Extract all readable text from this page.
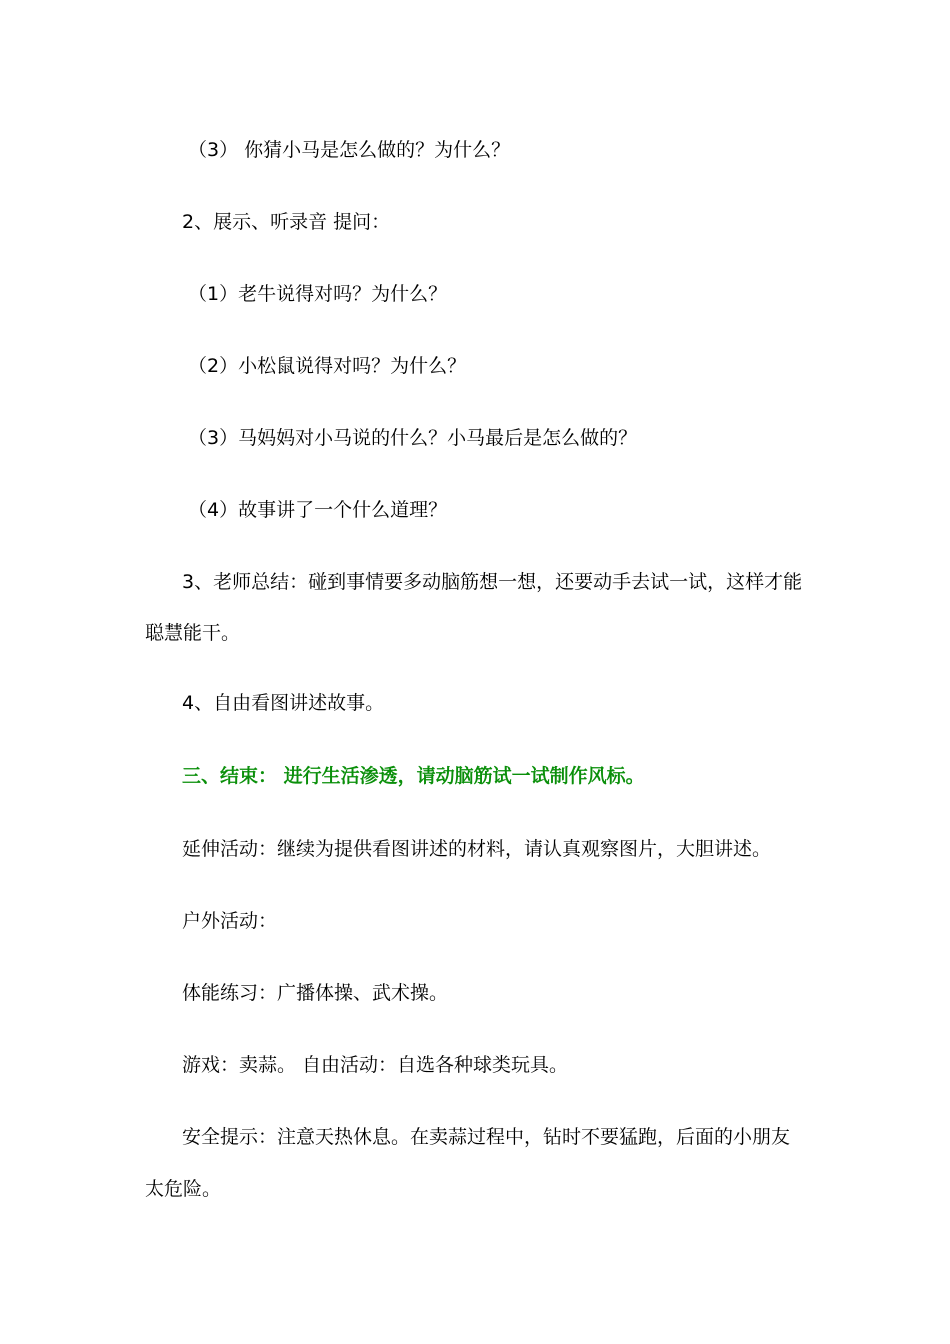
（3） 你猜小马是怎么做的？为什么？
2、展示、听录音 提问：
（1）老牛说得对吗？为什么？
（2）小松鼠说得对吗？为什么？
（3）马妈妈对小马说的什么？小马最后是怎么做的？
（4）故事讲了一个什么道理？
3、老师总结：碰到事情要多动脑筋想一想，还要动手去试一试，这样才能
聪慧能干。
4、自由看图讲述故事。
三、结束： 进行生活渗透，请动脑筋试一试制作风标。
延伸活动：继续为提供看图讲述的材料，请认真观察图片，大胆讲述。
户外活动：
体能练习：广播体操、武术操。
游戏：卖蒜。 自由活动：自选各种球类玩具。
安全提示：注意天热休息。在卖蒜过程中，钻时不要猛跑，后面的小朋友
太危险。
